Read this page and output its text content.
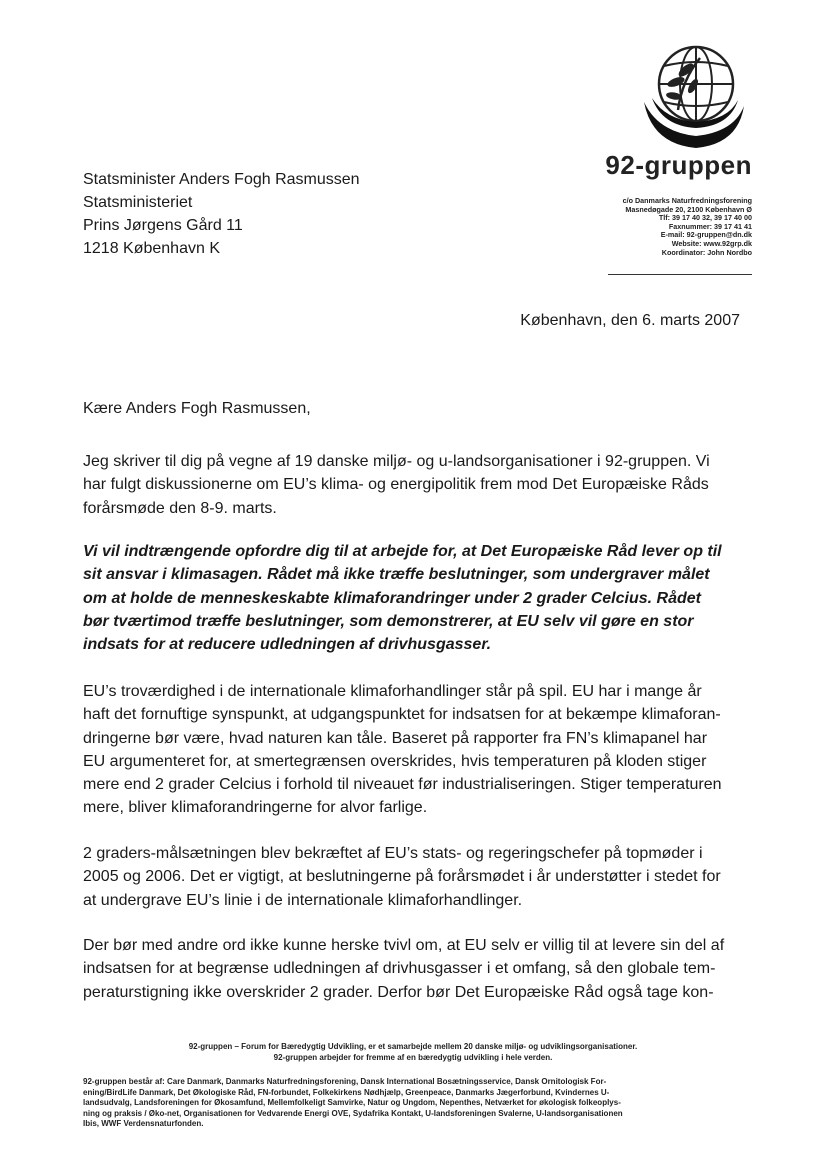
Statsminister Anders Fogh Rasmussen
Statsministeriet
Prins Jørgens Gård 11
1218 København K
92-gruppen
c/o Danmarks Naturfredningsforening
Masnedøgade 20, 2100 København Ø
Tlf: 39 17 40 32, 39 17 40 00
Faxnummer: 39 17 41 41
E-mail: 92-gruppen@dn.dk
Website: www.92grp.dk
Koordinator: John Nordbo
København, den 6. marts 2007
Kære Anders Fogh Rasmussen,
Jeg skriver til dig på vegne af 19 danske miljø- og u-landsorganisationer i 92-gruppen. Vi
har fulgt diskussionerne om EU’s klima- og energipolitik frem mod Det Europæiske Råds
forårsmøde den 8-9. marts.
Vi vil indtrængende opfordre dig til at arbejde for, at Det Europæiske Råd lever op til
sit ansvar i klimasagen. Rådet må ikke træffe beslutninger, som undergraver målet
om at holde de menneskeskabte klimaforandringer under 2 grader Celcius. Rådet
bør tværtimod træffe beslutninger, som demonstrerer, at EU selv vil gøre en stor
indsats for at reducere udledningen af drivhusgasser.
EU’s troværdighed i de internationale klimaforhandlinger står på spil. EU har i mange år
haft det fornuftige synspunkt, at udgangspunktet for indsatsen for at bekæmpe klimaforan-
dringerne bør være, hvad naturen kan tåle. Baseret på rapporter fra FN’s klimapanel har
EU argumenteret for, at smertegrænsen overskrides, hvis temperaturen på kloden stiger
mere end 2 grader Celcius i forhold til niveauet før industrialiseringen. Stiger temperaturen
mere, bliver klimaforandringerne for alvor farlige.
2 graders-målsætningen blev bekræftet af EU’s stats- og regeringschefer på topmøder i
2005 og 2006. Det er vigtigt, at beslutningerne på forårsmødet i år understøtter i stedet for
at undergrave EU’s linie i de internationale klimaforhandlinger.
Der bør med andre ord ikke kunne herske tvivl om, at EU selv er villig til at levere sin del af
indsatsen for at begrænse udledningen af drivhusgasser i et omfang, så den globale tem-
peraturstigning ikke overskrider 2 grader. Derfor bør Det Europæiske Råd også tage kon-
92-gruppen – Forum for Bæredygtig Udvikling, er et samarbejde mellem 20 danske miljø- og udviklingsorganisationer.
92-gruppen arbejder for fremme af en bæredygtig udvikling i hele verden.
92-gruppen består af: Care Danmark, Danmarks Naturfredningsforening, Dansk International Bosætningsservice, Dansk Ornitologisk For-
ening/BirdLife Danmark, Det Økologiske Råd, FN-forbundet, Folkekirkens Nødhjælp, Greenpeace, Danmarks Jægerforbund, Kvindernes U-
landsudvalg, Landsforeningen for Økosamfund, Mellemfolkeligt Samvirke, Natur og Ungdom, Nepenthes, Netværket for økologisk folkeoplys-
ning og praksis / Øko-net, Organisationen for Vedvarende Energi OVE, Sydafrika Kontakt, U-landsforeningen Svalerne, U-landsorganisationen
Ibis, WWF Verdensnaturfonden.
